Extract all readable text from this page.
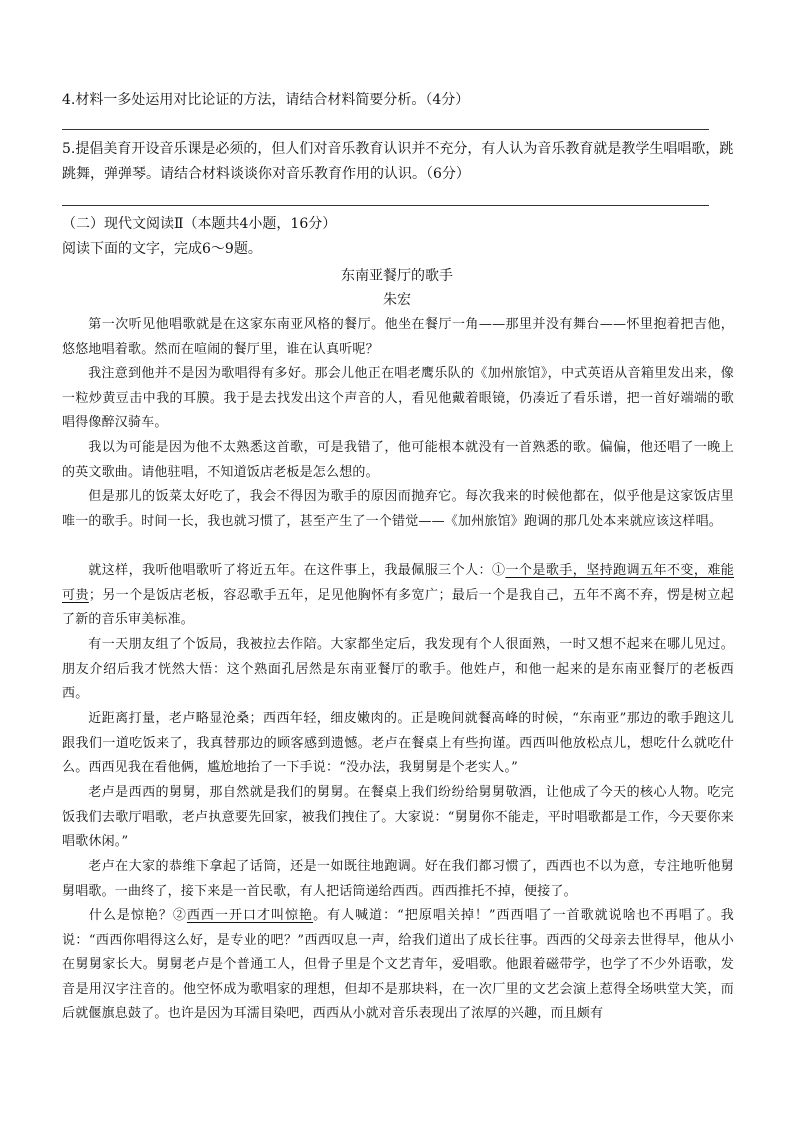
4.材料一多处运用对比论证的方法，请结合材料简要分析。（4分）
5.提倡美育开设音乐课是必须的，但人们对音乐教育认识并不充分，有人认为音乐教育就是教学生唱唱歌，跳跳舞，弹弹琴。请结合材料谈谈你对音乐教育作用的认识。（6分）
（二）现代文阅读Ⅱ（本题共4小题，16分）
阅读下面的文字，完成6～9题。
东南亚餐厅的歌手
朱宏
第一次听见他唱歌就是在这家东南亚风格的餐厅。他坐在餐厅一角——那里并没有舞台——怀里抱着把吉他，悠悠地唱着歌。然而在喧闹的餐厅里，谁在认真听呢？
我注意到他并不是因为歌唱得有多好。那会儿他正在唱老鹰乐队的《加州旅馆》，中式英语从音箱里发出来，像一粒炒黄豆击中我的耳膜。我于是去找发出这个声音的人，看见他戴着眼镜，仍凑近了看乐谱，把一首好端端的歌唱得像醉汉骑车。
我以为可能是因为他不太熟悉这首歌，可是我错了，他可能根本就没有一首熟悉的歌。偏偏，他还唱了一晚上的英文歌曲。请他驻唱，不知道饭店老板是怎么想的。
但是那儿的饭菜太好吃了，我会不得因为歌手的原因而抛弃它。每次我来的时候他都在，似乎他是这家饭店里唯一的歌手。时间一长，我也就习惯了，甚至产生了一个错觉——《加州旅馆》跑调的那几处本来就应该这样唱。
就这样，我听他唱歌听了将近五年。在这件事上，我最佩服三个人：①一个是歌手，坚持跑调五年不变，难能可贵；另一个是饭店老板，容忍歌手五年，足见他胸怀有多宽广；最后一个是我自己，五年不离不弃，愣是树立起了新的音乐审美标准。
有一天朋友组了个饭局，我被拉去作陪。大家都坐定后，我发现有个人很面熟，一时又想不起来在哪儿见过。朋友介绍后我才恍然大悟：这个熟面孔居然是东南亚餐厅的歌手。他姓卢，和他一起来的是东南亚餐厅的老板西西。
近距离打量，老卢略显沧桑；西西年轻，细皮嫩肉的。正是晚间就餐高峰的时候，“东南亚”那边的歌手跑这儿跟我们一道吃饭来了，我真替那边的顾客感到遗憾。老卢在餐桌上有些拘谨。西西叫他放松点儿，想吃什么就吃什么。西西见我在看他俩，尴尬地抬了一下手说：“没办法，我舅舅是个老实人。”
老卢是西西的舅舅，那自然就是我们的舅舅。在餐桌上我们纷纷给舅舅敬酒，让他成了今天的核心人物。吃完饭我们去歌厅唱歌，老卢执意要先回家，被我们拽住了。大家说：“舅舅你不能走，平时唱歌都是工作，今天要你来唱歌休闲。”
老卢在大家的恭维下拿起了话筒，还是一如既往地跑调。好在我们都习惯了，西西也不以为意，专注地听他舅舅唱歌。一曲终了，接下来是一首民歌，有人把话筒递给西西。西西推托不掉，便接了。
什么是惊艳？②西西一开口才叫惊艳。有人喊道：“把原唱关掉！”西西唱了一首歌就说啥也不再唱了。我说：“西西你唱得这么好，是专业的吧？”西西叹息一声，给我们道出了成长往事。西西的父母亲去世得早，他从小在舅舅家长大。舅舅老卢是个普通工人，但骨子里是个文艺青年，爱唱歌。他跟着磁带学，也学了不少外语歌，发音是用汉字注音的。他空怀成为歌唱家的理想，但却不是那块料，在一次厂里的文艺会演上惹得全场哄堂大笑，而后就偃旗息鼓了。也许是因为耳濡目染吧，西西从小就对音乐表现出了浓厚的兴趣，而且颇有
